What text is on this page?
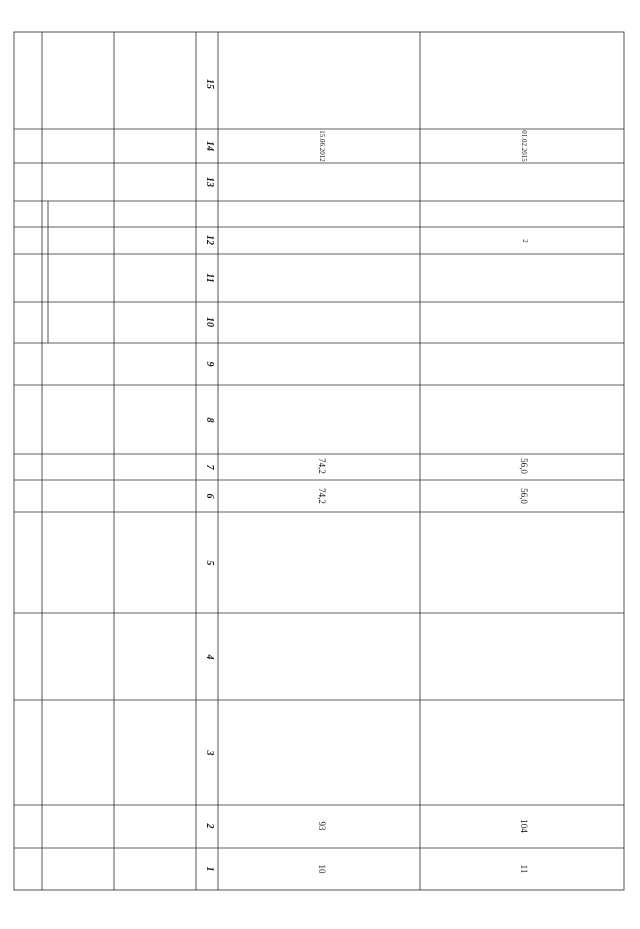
15
14
13
12
11
10
9
8
7
6
5
4
3
2
1
15.06.2012
74,2
74,2
93
10
01.02.2015
2
56,0
56,0
104
11
